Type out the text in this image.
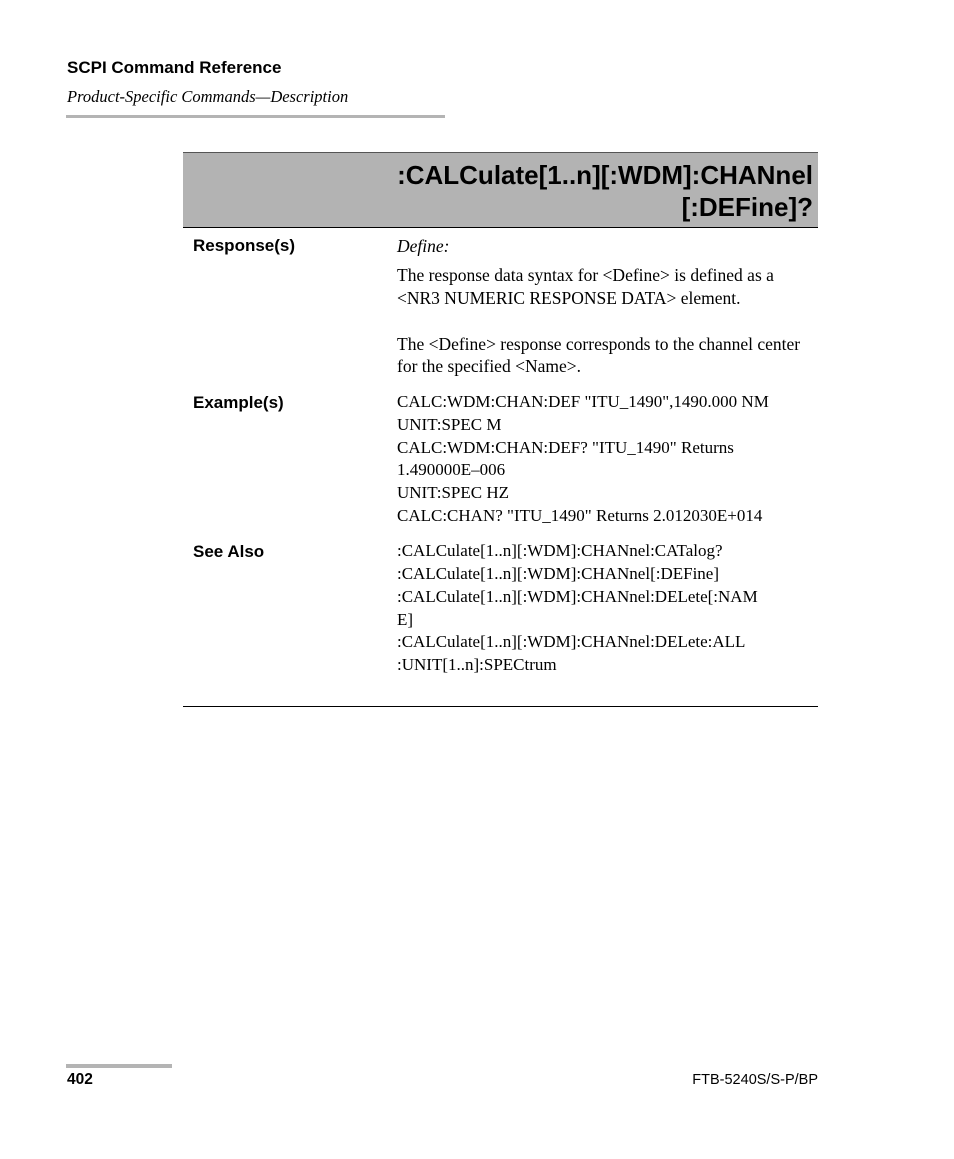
SCPI Command Reference
Product-Specific Commands—Description
:CALCulate[1..n][:WDM]:CHANnel
[:DEFine]?
Response(s)	Define:

The response data syntax for <Define> is defined as a <NR3 NUMERIC RESPONSE DATA> element.

The <Define> response corresponds to the channel center for the specified <Name>.

Example(s)	CALC:WDM:CHAN:DEF "ITU_1490",1490.000 NM

UNIT:SPEC M

CALC:WDM:CHAN:DEF? "ITU_1490" Returns

1.490000E–006

UNIT:SPEC HZ

CALC:CHAN? "ITU_1490" Returns 2.012030E+014

See Also	:CALCulate[1..n][:WDM]:CHANnel:CATalog?

:CALCulate[1..n][:WDM]:CHANnel[:DEFine]

:CALCulate[1..n][:WDM]:CHANnel:DELete[:NAM

E]

:CALCulate[1..n][:WDM]:CHANnel:DELete:ALL

:UNIT[1..n]:SPECtrum

402	FTB-5240S/S-P/BP
